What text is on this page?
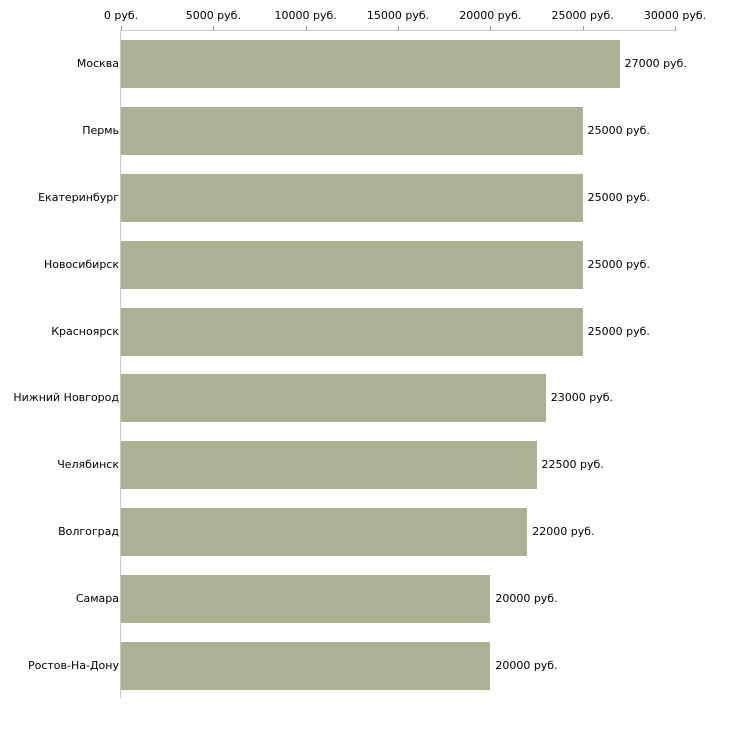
0 руб.	5000 руб.	10000 руб.	15000 руб.	20000 руб.	25000 руб.	30000 руб.
Москва	27000 руб.
Пермь	25000 руб.
Екатеринбург	25000 руб.
Новосибирск	25000 руб.
Красноярск	25000 руб.
Нижний Новгород	23000 руб.
Челябинск	22500 руб.
Волгоград	22000 руб.
Самара	20000 руб.
Ростов-На-Дону	20000 руб.
